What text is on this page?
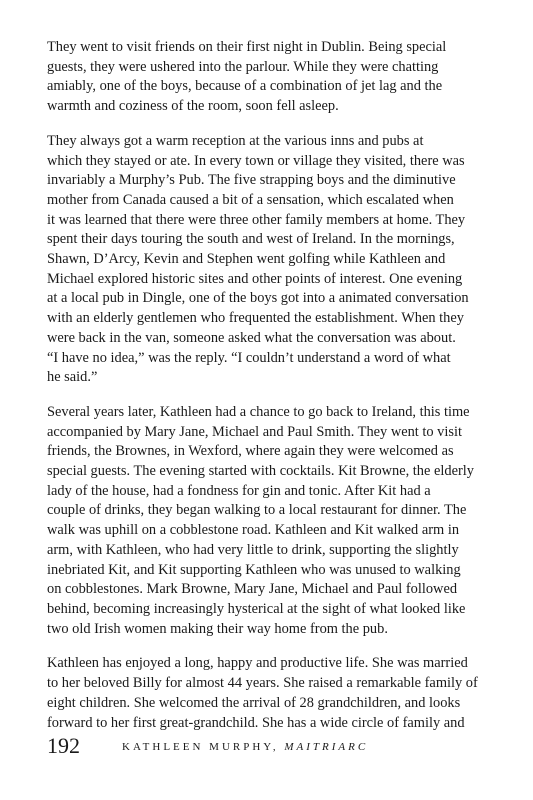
They went to visit friends on their first night in Dublin. Being special
guests, they were ushered into the parlour. While they were chatting
amiably, one of the boys, because of a combination of jet lag and the
warmth and coziness of the room, soon fell asleep.

They always got a warm reception at the various inns and pubs at
which they stayed or ate. In every town or village they visited, there was
invariably a Murphy’s Pub. The five strapping boys and the diminutive
mother from Canada caused a bit of a sensation, which escalated when
it was learned that there were three other family members at home. They
spent their days touring the south and west of Ireland. In the mornings,
Shawn, D’Arcy, Kevin and Stephen went golfing while Kathleen and
Michael explored historic sites and other points of interest. One evening
at a local pub in Dingle, one of the boys got into a animated conversation
with an elderly gentlemen who frequented the establishment. When they
were back in the van, someone asked what the conversation was about.
“I have no idea,” was the reply. “I couldn’t understand a word of what
he said.”

Several years later, Kathleen had a chance to go back to Ireland, this time
accompanied by Mary Jane, Michael and Paul Smith. They went to visit
friends, the Brownes, in Wexford, where again they were welcomed as
special guests. The evening started with cocktails. Kit Browne, the elderly
lady of the house, had a fondness for gin and tonic. After Kit had a
couple of drinks, they began walking to a local restaurant for dinner. The
walk was uphill on a cobblestone road. Kathleen and Kit walked arm in
arm, with Kathleen, who had very little to drink, supporting the slightly
inebriated Kit, and Kit supporting Kathleen who was unused to walking
on cobblestones. Mark Browne, Mary Jane, Michael and Paul followed
behind, becoming increasingly hysterical at the sight of what looked like
two old Irish women making their way home from the pub.

Kathleen has enjoyed a long, happy and productive life. She was married
to her beloved Billy for almost 44 years. She raised a remarkable family of
eight children. She welcomed the arrival of 28 grandchildren, and looks
forward to her first great-grandchild. She has a wide circle of family and

192	KATHLEEN MURPHY, MAITRIARC
